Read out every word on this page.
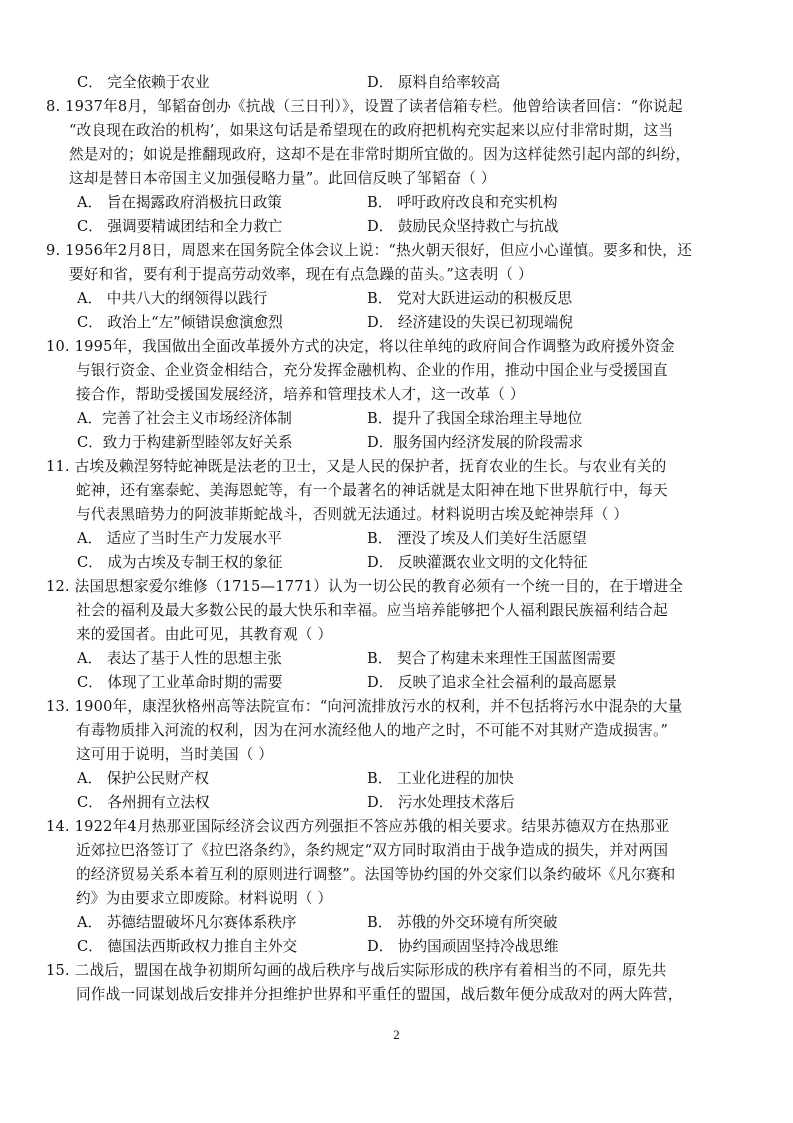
C． 完全依赖于农业	D． 原料自给率较高
8. 1937年8月，邹韬奋创办《抗战（三日刊）》，设置了读者信箱专栏。他曾给读者回信：“你说起
“改良现在政治的机构’，如果这句话是希望现在的政府把机构充实起来以应付非常时期，这当
然是对的；如说是推翻现政府，这却不是在非常时期所宜做的。因为这样徒然引起内部的纠纷，
这却是替日本帝国主义加强侵略力量”。此回信反映了邹韬奋（ ）
A． 旨在揭露政府消极抗日政策	B． 呼吁政府改良和充实机构
C． 强调要精诚团结和全力救亡	D． 鼓励民众坚持救亡与抗战
9. 1956年2月8日，周恩来在国务院全体会议上说：“热火朝天很好，但应小心谨慎。要多和快，还
要好和省，要有利于提高劳动效率，现在有点急躁的苗头。”这表明（ ）
A． 中共八大的纲领得以践行	B． 党对大跃进运动的积极反思
C． 政治上“左”倾错误愈演愈烈	D． 经济建设的失误已初现端倪
10. 1995年，我国做出全面改革援外方式的决定，将以往单纯的政府间合作调整为政府援外资金
与银行资金、企业资金相结合，充分发挥金融机构、企业的作用，推动中国企业与受援国直
接合作，帮助受援国发展经济，培养和管理技术人才，这一改革（ ）
A．完善了社会主义市场经济体制	B．提升了我国全球治理主导地位
C．致力于构建新型睦邻友好关系	D．服务国内经济发展的阶段需求
11. 古埃及赖涅努特蛇神既是法老的卫士，又是人民的保护者，抚育农业的生长。与农业有关的
蛇神，还有塞泰蛇、美海恩蛇等，有一个最著名的神话就是太阳神在地下世界航行中，每天
与代表黑暗势力的阿波菲斯蛇战斗，否则就无法通过。材料说明古埃及蛇神崇拜（ ）
A． 适应了当时生产力发展水平	B． 湮没了埃及人们美好生活愿望
C． 成为古埃及专制王权的象征	D． 反映灌溉农业文明的文化特征
12. 法国思想家爱尔维修（1715—1771）认为一切公民的教育必须有一个统一目的，在于增进全
社会的福利及最大多数公民的最大快乐和幸福。应当培养能够把个人福利跟民族福利结合起
来的爱国者。由此可见，其教育观（ ）
A． 表达了基于人性的思想主张	B． 契合了构建未来理性王国蓝图需要
C． 体现了工业革命时期的需要	D． 反映了追求全社会福利的最高愿景
13. 1900年，康涅狄格州高等法院宣布：“向河流排放污水的权利，并不包括将污水中混杂的大量
有毒物质排入河流的权利，因为在河水流经他人的地产之时，不可能不对其财产造成损害。”
这可用于说明，当时美国（ ）
A． 保护公民财产权	B． 工业化进程的加快
C． 各州拥有立法权	D． 污水处理技术落后
14. 1922年4月热那亚国际经济会议西方列强拒不答应苏俄的相关要求。结果苏德双方在热那亚
近郊拉巴洛签订了《拉巴洛条约》，条约规定“双方同时取消由于战争造成的损失，并对两国
的经济贸易关系本着互利的原则进行调整”。法国等协约国的外交家们以条约破坏《凡尔赛和
约》为由要求立即废除。材料说明（ ）
A． 苏德结盟破坏凡尔赛体系秩序	B． 苏俄的外交环境有所突破
C． 德国法西斯政权力推自主外交	D． 协约国顽固坚持冷战思维
15. 二战后，盟国在战争初期所勾画的战后秩序与战后实际形成的秩序有着相当的不同，原先共
同作战一同谋划战后安排并分担维护世界和平重任的盟国，战后数年便分成敌对的两大阵营，
2
